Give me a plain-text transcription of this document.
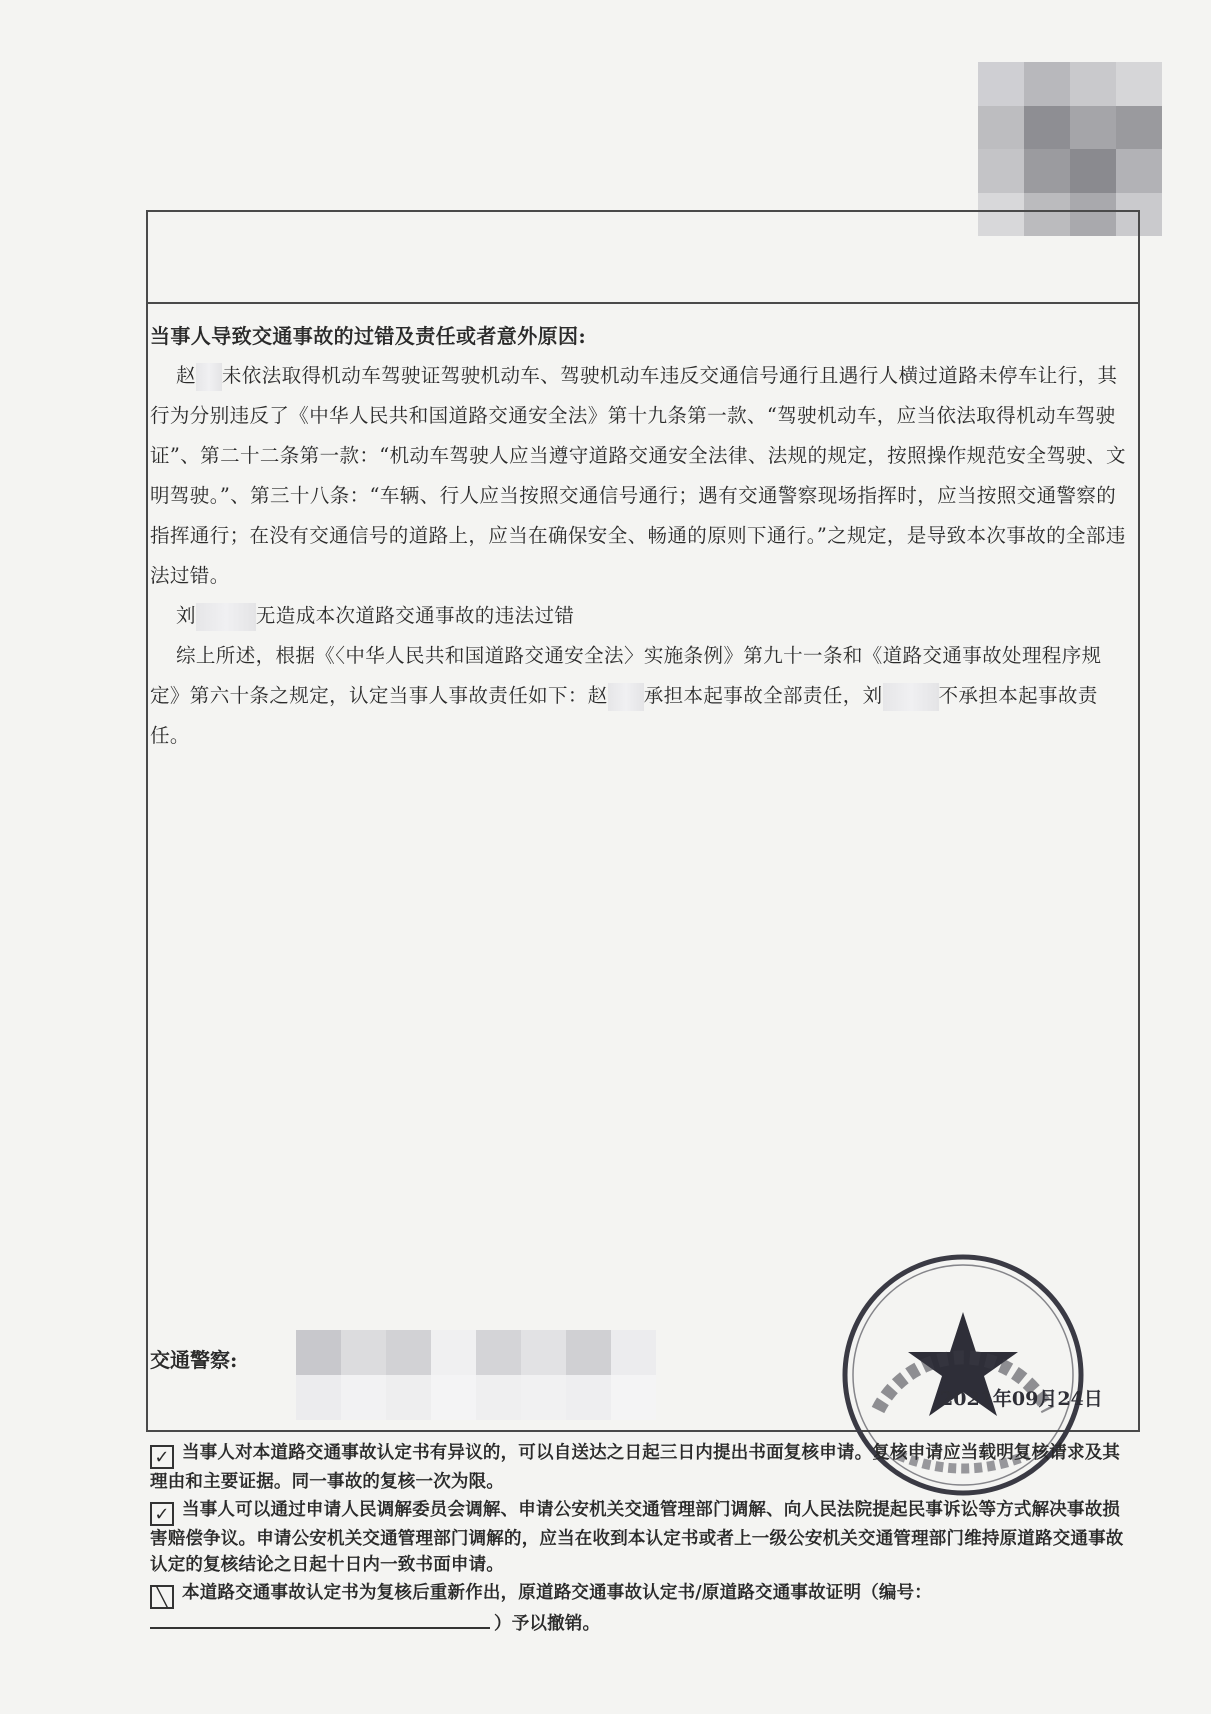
当事人导致交通事故的过错及责任或者意外原因:

赵 未依法取得机动车驾驶证驾驶机动车、驾驶机动车违反交通信号通行且遇行人横过道路未停车让行，其行为分别违反了《中华人民共和国道路交通安全法》第十九条第一款、“驾驶机动车，应当依法取得机动车驾驶证”、第二十二条第一款：“机动车驾驶人应当遵守道路交通安全法律、法规的规定，按照操作规范安全驾驶、文明驾驶。”、第三十八条：“车辆、行人应当按照交通信号通行；遇有交通警察现场指挥时，应当按照交通警察的指挥通行；在没有交通信号的道路上，应当在确保安全、畅通的原则下通行。”之规定，是导致本次事故的全部违法过错。

刘	无造成本次道路交通事故的违法过错

综上所述，根据《〈中华人民共和国道路交通安全法〉实施条例》第九十一条和《道路交通事故处理程序规定》第六十条之规定，认定当事人事故责任如下：赵 承担本起事故全部责任，刘	不承担本起事故责任。

交通警察:
2021年09月24日

✓ 当事人对本道路交通事故认定书有异议的，可以自送达之日起三日内提出书面复核申请。复核申请应当载明复核请求及其理由和主要证据。同一事故的复核一次为限。

✓ 当事人可以通过申请人民调解委员会调解、申请公安机关交通管理部门调解、向人民法院提起民事诉讼等方式解决事故损害赔偿争议。申请公安机关交通管理部门调解的，应当在收到本认定书或者上一级公安机关交通管理部门维持原道路交通事故认定的复核结论之日起十日内一致书面申请。

╲ 本道路交通事故认定书为复核后重新作出，原道路交通事故认定书/原道路交通事故证明（编号：
）予以撤销。
